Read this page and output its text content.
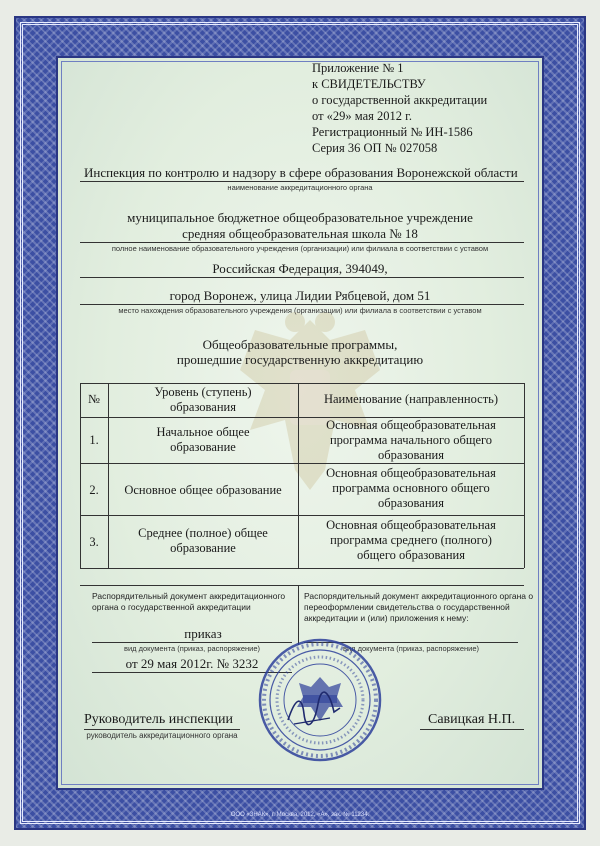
Приложение № 1
к СВИДЕТЕЛЬСТВУ
о государственной аккредитации
от «29» мая 2012 г.
Регистрационный № ИН-1586
Серия 36 ОП № 027058
Инспекция по контролю и надзору в сфере образования Воронежской области
наименование аккредитационного органа
муниципальное бюджетное общеобразовательное учреждение
средняя общеобразовательная школа № 18
полное наименование образовательного учреждения (организации) или филиала в соответствии с уставом
Российская Федерация, 394049,
город Воронеж, улица Лидии Рябцевой, дом 51
место нахождения образовательного учреждения (организации) или филиала в соответствии с уставом
Общеобразовательные программы,
прошедшие государственную аккредитацию
№	Уровень (ступень)
образования
Наименование (направленность)
1.
Начальное общее
образование
Основная общеобразовательная
программа начального общего
образования
2.	Основное общее образование
Основная общеобразовательная
программа основного общего
образования
3.
Среднее (полное) общее
образование
Основная общеобразовательная
программа среднего (полного)
общего образования
Распорядительный документ аккредитационного
органа о государственной аккредитации
приказ
вид документа (приказ, распоряжение)
от 29 мая 2012г. № 3232
Распорядительный документ аккредитационного органа о
переоформлении свидетельства о государственной
аккредитации и (или) приложения к нему:
вид документа (приказ, распоряжение)
Руководитель инспекции
руководитель аккредитационного органа
Савицкая Н.П.
ООО «ЗНАК», г. Москва, 2012, «А», зак. № 11234.
